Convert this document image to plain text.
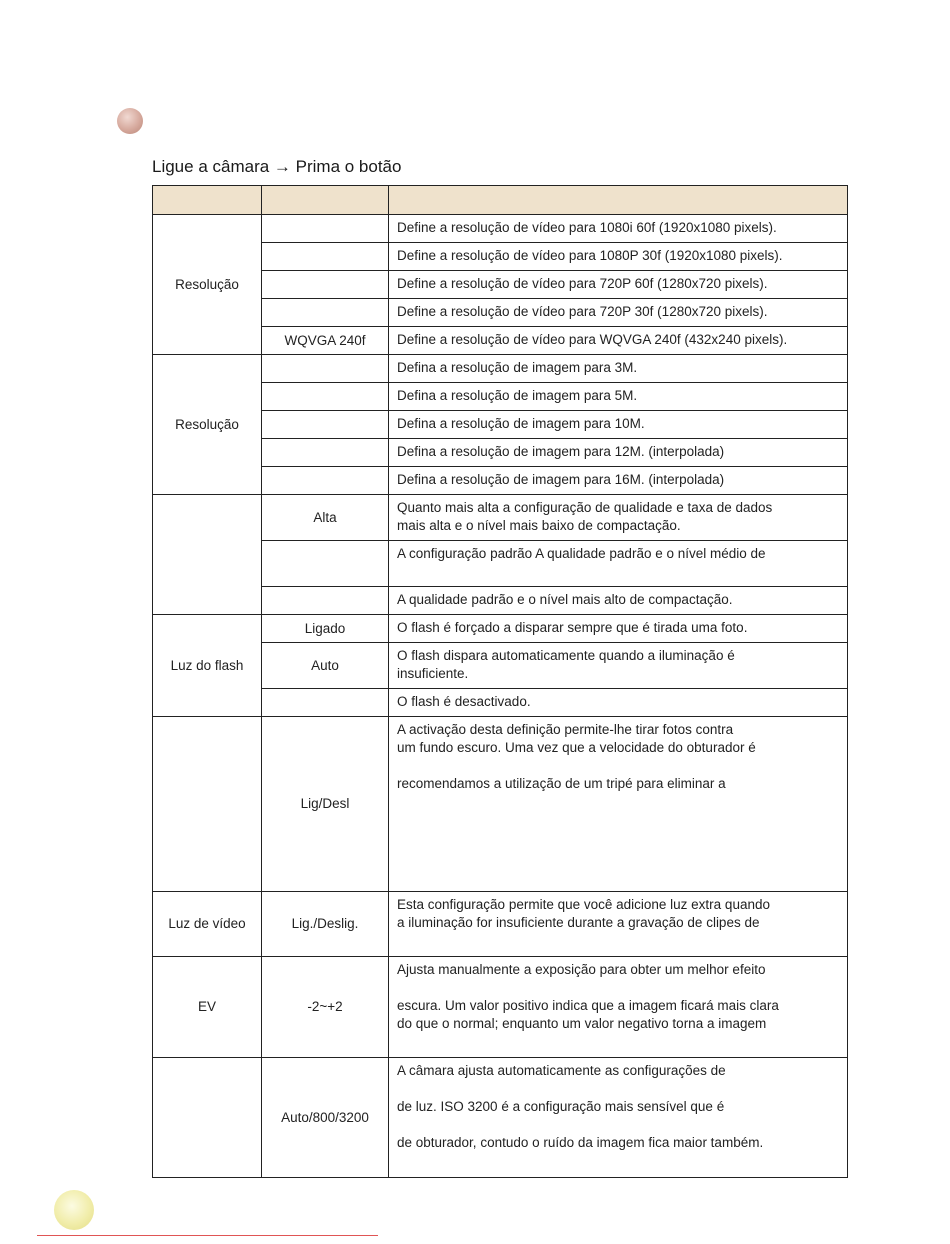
Ligue a câmara → Prima o botão

Resolução		Define a resolução de vídeo para 1080i 60f (1920x1080 pixels).

		Define a resolução de vídeo para 1080P 30f (1920x1080 pixels).

		Define a resolução de vídeo para 720P 60f (1280x720 pixels).

		Define a resolução de vídeo para 720P 30f (1280x720 pixels).

	WQVGA 240f	Define a resolução de vídeo para WQVGA 240f (432x240 pixels).

Resolução		Defina a resolução de imagem para 3M.

		Defina a resolução de imagem para 5M.

		Defina a resolução de imagem para 10M.

		Defina a resolução de imagem para 12M. (interpolada)

		Defina a resolução de imagem para 16M. (interpolada)

	Alta	Quanto mais alta a configuração de qualidade e taxa de dados
mais alta e o nível mais baixo de compactação.

		A configuração padrão A qualidade padrão e o nível médio de

		A qualidade padrão e o nível mais alto de compactação.

Luz do flash	Ligado	O flash é forçado a disparar sempre que é tirada uma foto.

	Auto	O flash dispara automaticamente quando a iluminação é
insuficiente.

		O flash é desactivado.

	Lig/Desl	A activação desta definição permite-lhe tirar fotos contra
um fundo escuro. Uma vez que a velocidade do obturador é
recomendamos a utilização de um tripé para eliminar a

Luz de vídeo	Lig./Deslig.	Esta configuração permite que você adicione luz extra quando
a iluminação for insuficiente durante a gravação de clipes de

EV	-2~+2	Ajusta manualmente a exposição para obter um melhor efeito
escura. Um valor positivo indica que a imagem ficará mais clara
do que o normal; enquanto um valor negativo torna a imagem

	Auto/800/3200	A câmara ajusta automaticamente as configurações de
de luz. ISO 3200 é a configuração mais sensível que é
de obturador, contudo o ruído da imagem fica maior também.
